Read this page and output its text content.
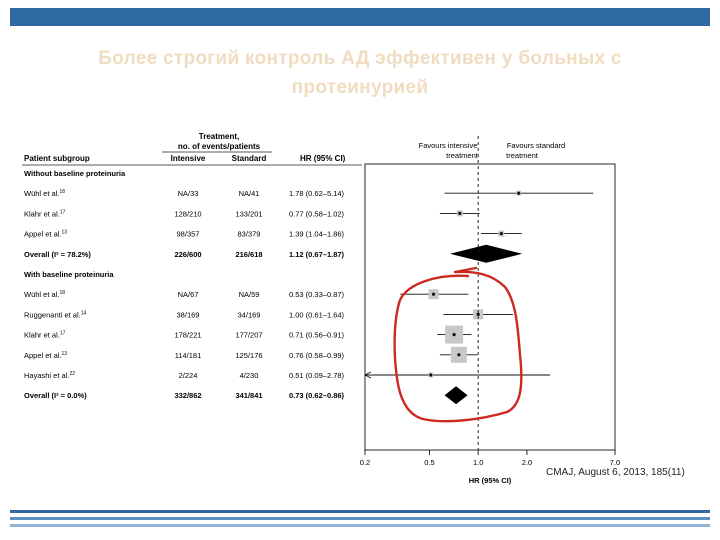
Более строгий контроль АД эффективен у больных с
протеинурией
Treatment,
no. of events/patients
Patient subgroup	Intensive	Standard	HR (95% CI)
Favours intensive
treatment
Favours standard
treatment
Without baseline proteinuria
Wühl et al.$^{18}$	NA/33	NA/41	1.78 (0.62–5.14)
Klahr et al.$^{17}$	128/210	133/201	0.77 (0.58–1.02)
Appel et al.$^{13}$	98/357	83/379	1.39 (1.04–1.86)
Overall (I² = 78.2%)	226/600	216/618	1.12 (0.67–1.87)
With baseline proteinuria
Wühl et al.$^{18}$	NA/67	NA/59	0.53 (0.33–0.87)
Ruggenanti et al.$^{14}$	38/169	34/169	1.00 (0.61–1.64)
Klahr et al.$^{17}$	178/221	177/207	0.71 (0.56–0.91)
Appel et al.$^{13}$	114/181	125/176	0.76 (0.58–0.99)
Hayashi et al.$^{22}$	2/224	4/230	0.51 (0.09–2.78)
Overall (I² = 0.0%)	332/862	341/841	0.73 (0.62–0.86)
0.2	0.5	1.0	2.0	7.0
HR (95% CI)
CMAJ, August 6, 2013, 185(11)
